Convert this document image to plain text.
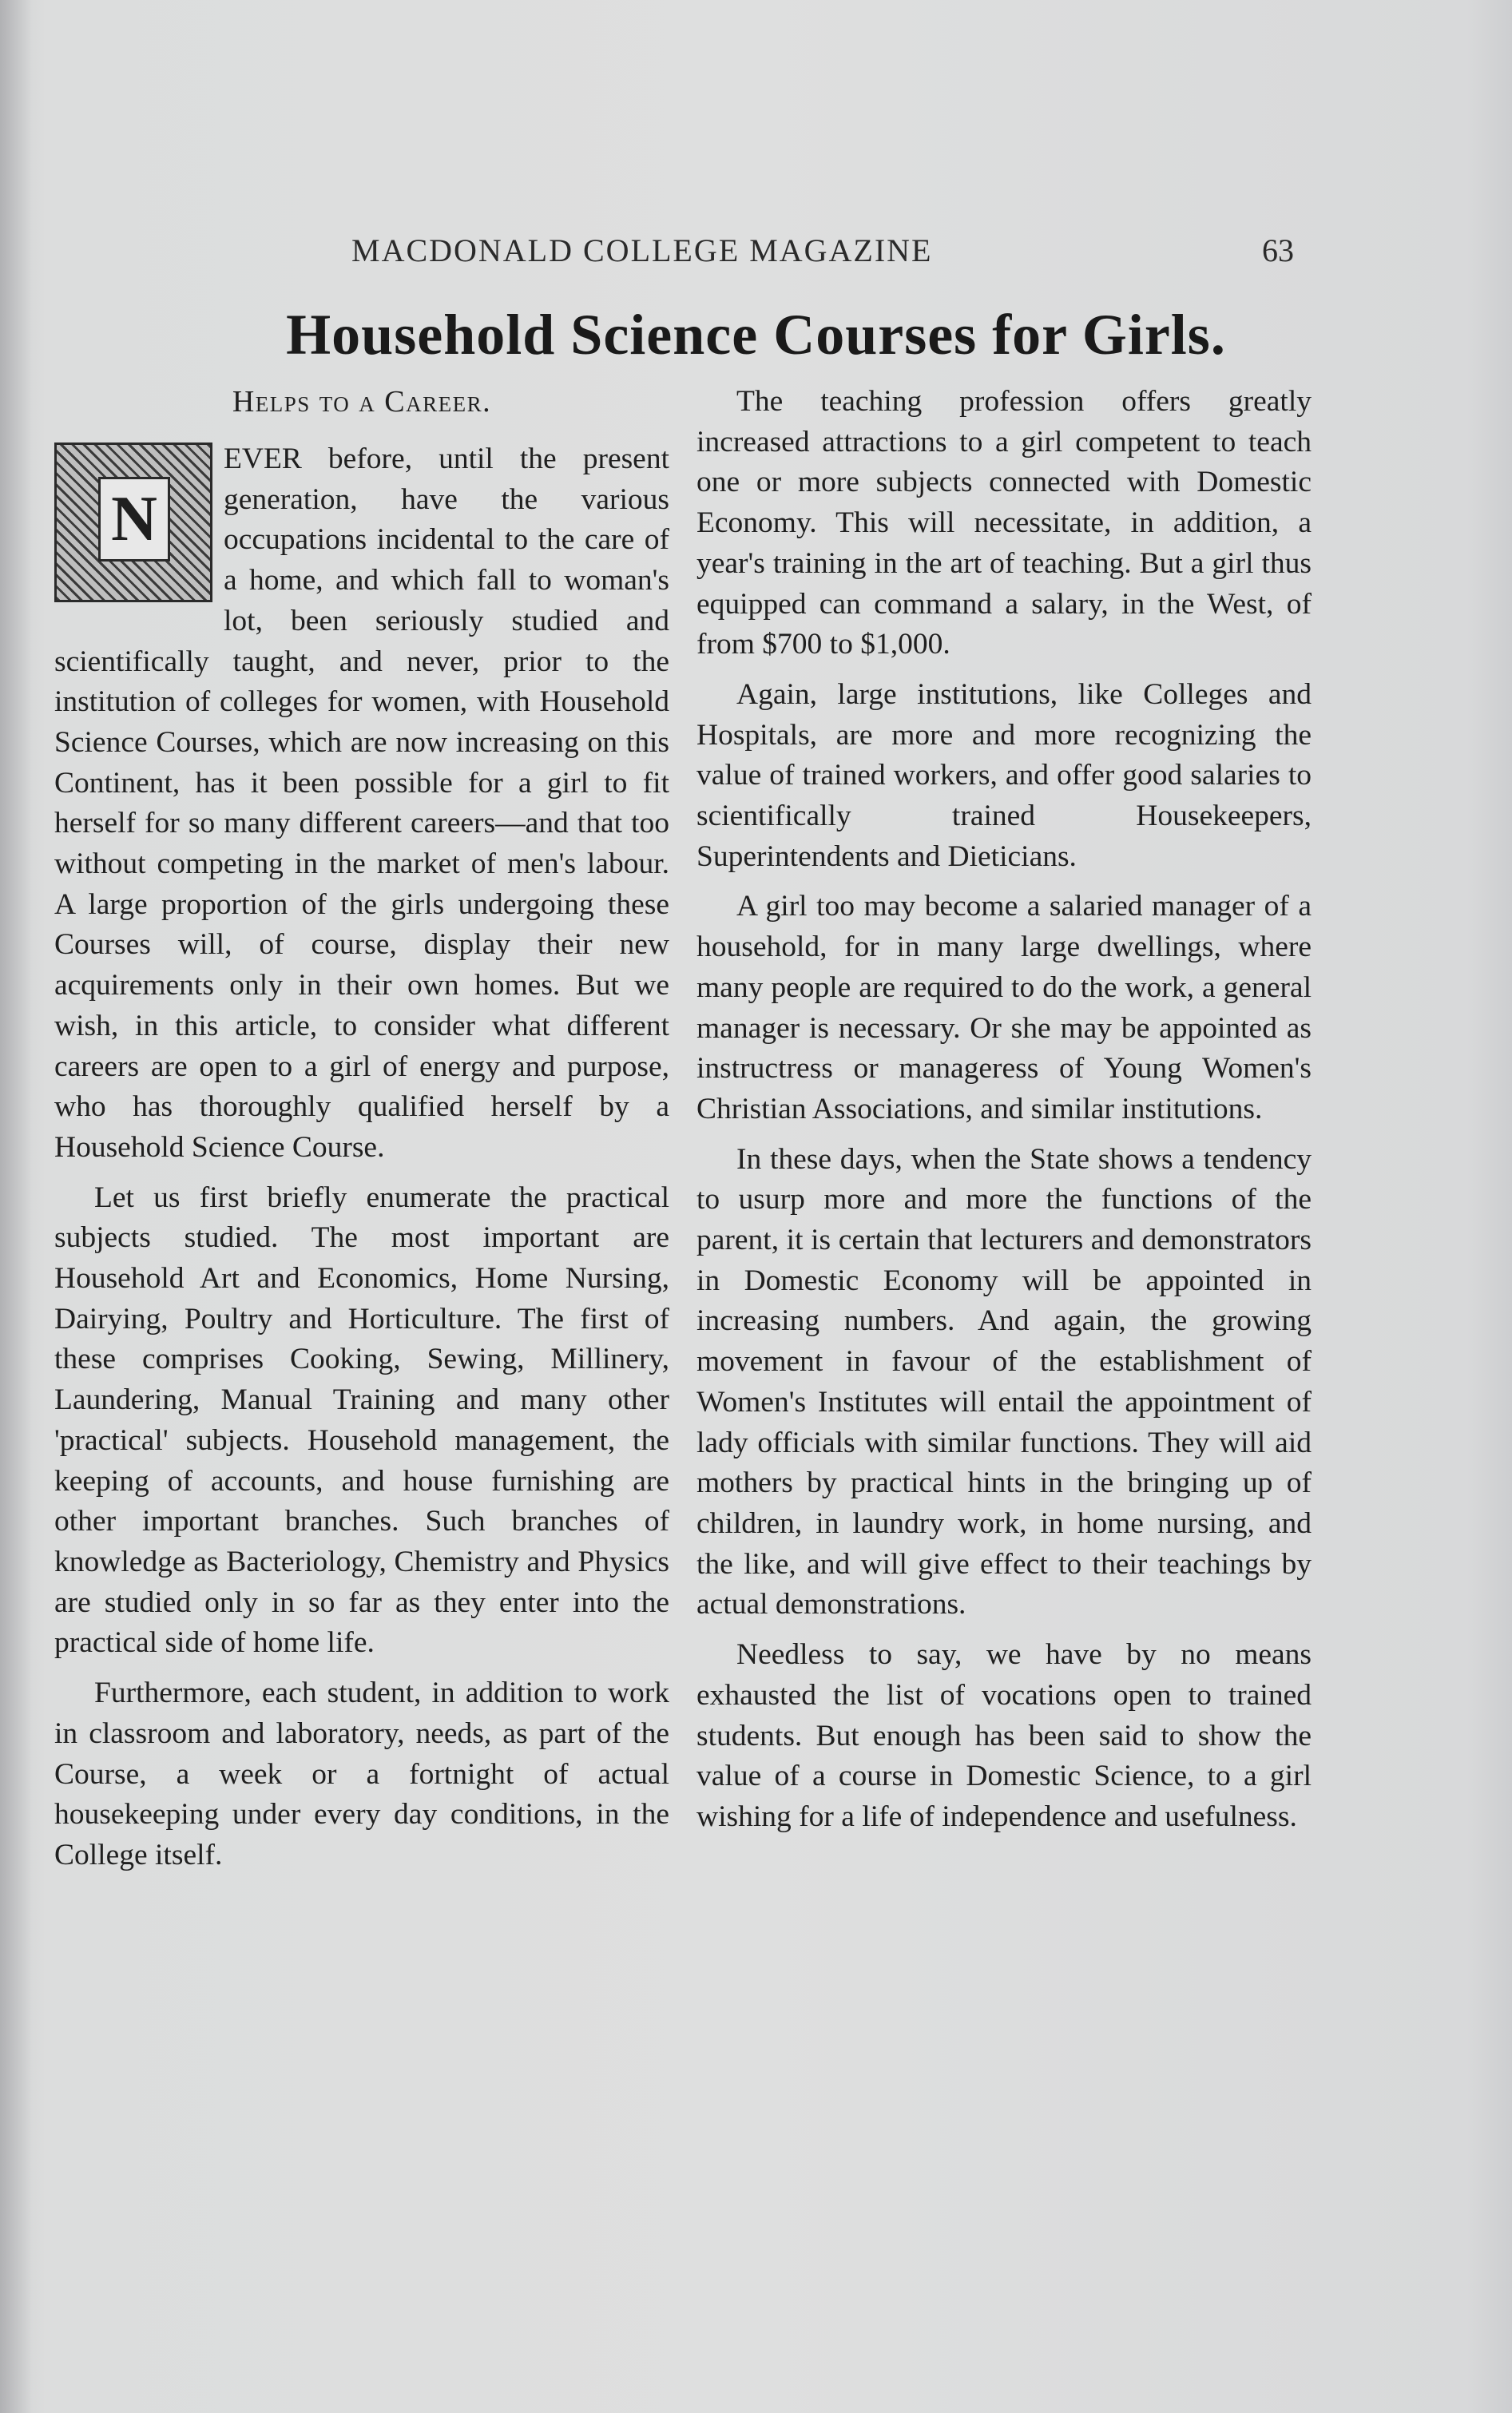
MACDONALD COLLEGE MAGAZINE	63
Household Science Courses for Girls.
Helps to a Career.
N

EVER before, until the present generation, have the various occupations incidental to the care of a home, and which fall to woman's lot, been seriously studied and scientifically taught, and never, prior to the institution of colleges for women, with Household Science Courses, which are now increasing on this Continent, has it been possible for a girl to fit herself for so many different careers—and that too without competing in the market of men's labour. A large proportion of the girls undergoing these Courses will, of course, display their new acquirements only in their own homes. But we wish, in this article, to consider what different careers are open to a girl of energy and purpose, who has thoroughly qualified herself by a Household Science Course.

Let us first briefly enumerate the practical subjects studied. The most important are Household Art and Economics, Home Nursing, Dairying, Poultry and Horticulture. The first of these comprises Cooking, Sewing, Millinery, Laundering, Manual Training and many other 'practical' subjects. Household management, the keeping of accounts, and house furnishing are other important branches. Such branches of knowledge as Bacteriology, Chemistry and Physics are studied only in so far as they enter into the practical side of home life.

Furthermore, each student, in addition to work in classroom and laboratory, needs, as part of the Course, a week or a fortnight of actual housekeeping under every day conditions, in the College itself.

The teaching profession offers greatly increased attractions to a girl competent to teach one or more subjects connected with Domestic Economy. This will necessitate, in addition, a year's training in the art of teaching. But a girl thus equipped can command a salary, in the West, of from $700 to $1,000.

Again, large institutions, like Colleges and Hospitals, are more and more recognizing the value of trained workers, and offer good salaries to scientifically trained Housekeepers, Superintendents and Dieticians.

A girl too may become a salaried manager of a household, for in many large dwellings, where many people are required to do the work, a general manager is necessary. Or she may be appointed as instructress or manageress of Young Women's Christian Associations, and similar institutions.

In these days, when the State shows a tendency to usurp more and more the functions of the parent, it is certain that lecturers and demonstrators in Domestic Economy will be appointed in increasing numbers. And again, the growing movement in favour of the establishment of Women's Institutes will entail the appointment of lady officials with similar functions. They will aid mothers by practical hints in the bringing up of children, in laundry work, in home nursing, and the like, and will give effect to their teachings by actual demonstrations.

Needless to say, we have by no means exhausted the list of vocations open to trained students. But enough has been said to show the value of a course in Domestic Science, to a girl wishing for a life of independence and usefulness.
